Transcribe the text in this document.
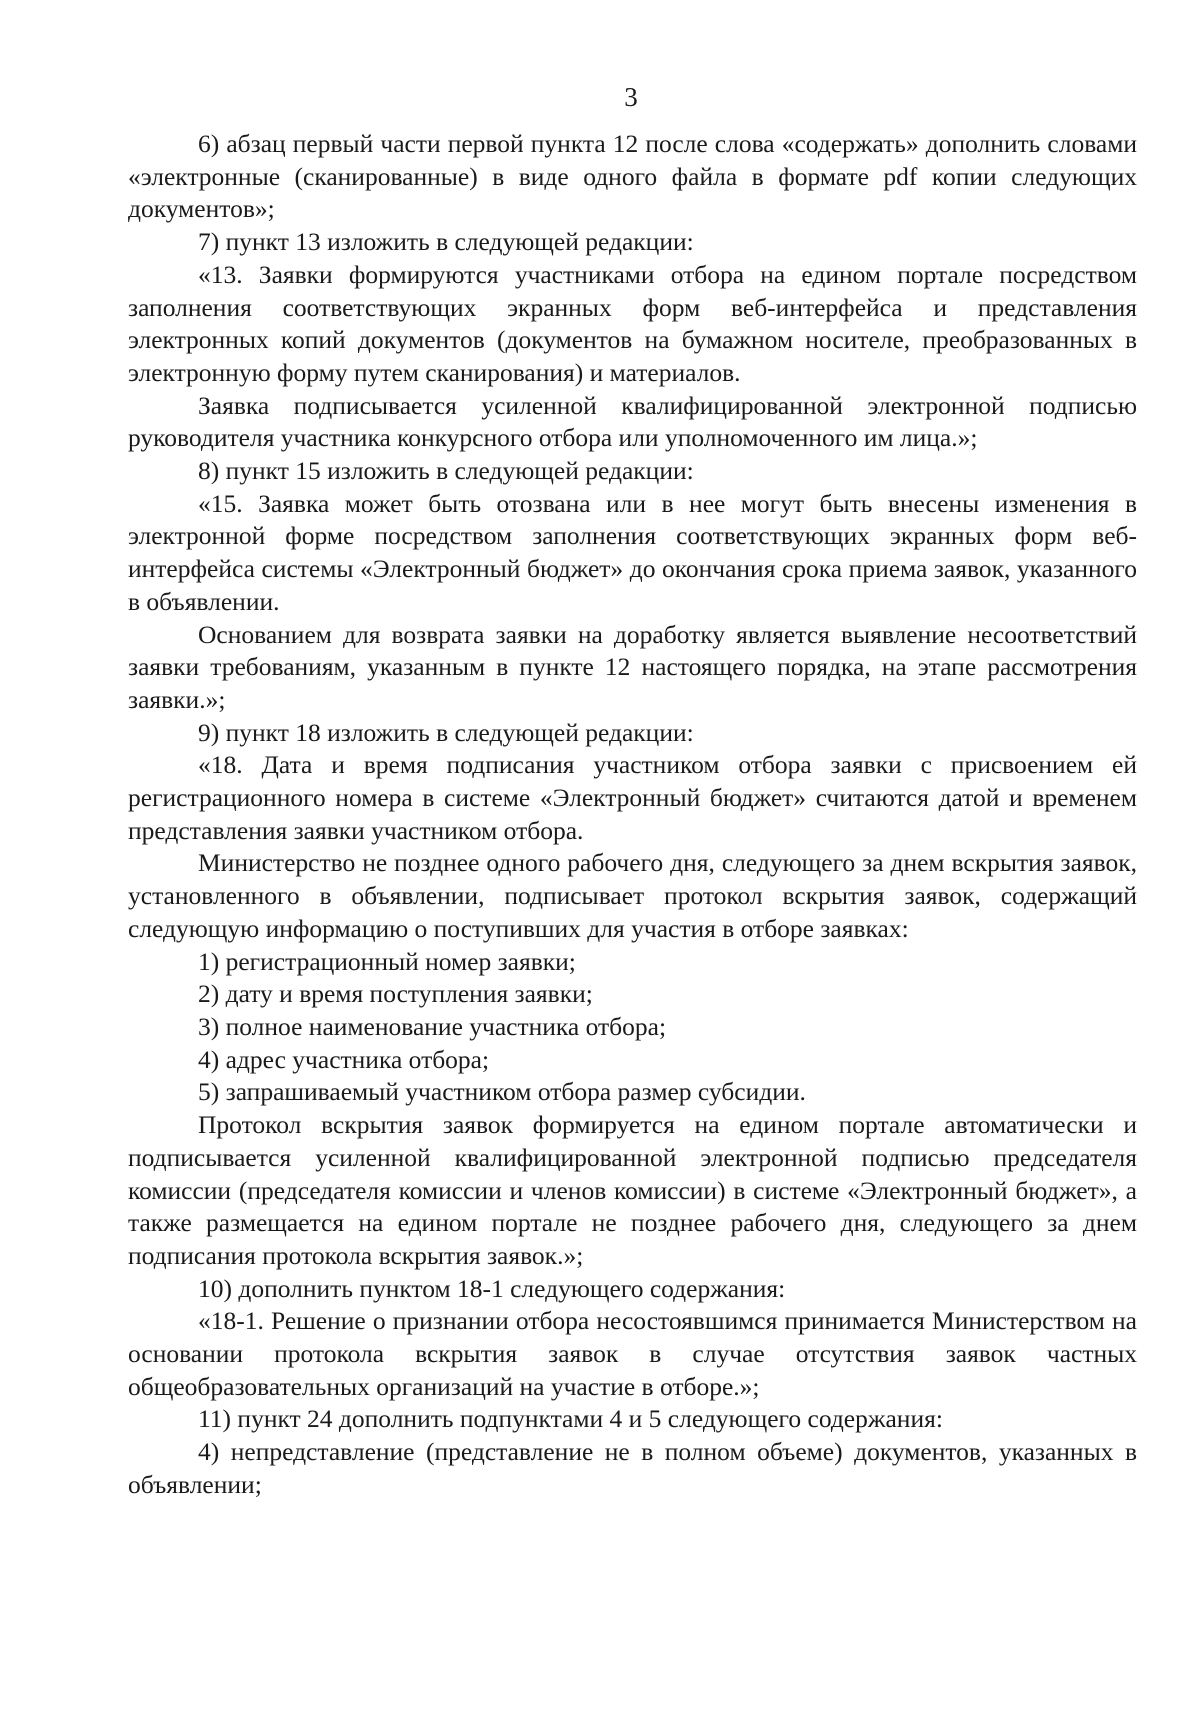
3

6) абзац первый части первой пункта 12 после слова «содержать» дополнить словами «электронные (сканированные) в виде одного файла в формате pdf копии следующих документов»;

7) пункт 13 изложить в следующей редакции:

«13. Заявки формируются участниками отбора на едином портале посредством заполнения соответствующих экранных форм веб-интерфейса и представления электронных копий документов (документов на бумажном носителе, преобразованных в электронную форму путем сканирования) и материалов.

Заявка подписывается усиленной квалифицированной электронной подписью руководителя участника конкурсного отбора или уполномоченного им лица.»;

8) пункт 15 изложить в следующей редакции:

«15. Заявка может быть отозвана или в нее могут быть внесены изменения в электронной форме посредством заполнения соответствующих экранных форм веб-интерфейса системы «Электронный бюджет» до окончания срока приема заявок, указанного в объявлении.

Основанием для возврата заявки на доработку является выявление несоответствий заявки требованиям, указанным в пункте 12 настоящего порядка, на этапе рассмотрения заявки.»;

9) пункт 18 изложить в следующей редакции:

«18. Дата и время подписания участником отбора заявки с присвоением ей регистрационного номера в системе «Электронный бюджет» считаются датой и временем представления заявки участником отбора.

Министерство не позднее одного рабочего дня, следующего за днем вскрытия заявок, установленного в объявлении, подписывает протокол вскрытия заявок, содержащий следующую информацию о поступивших для участия в отборе заявках:

1) регистрационный номер заявки;

2) дату и время поступления заявки;

3) полное наименование участника отбора;

4) адрес участника отбора;

5) запрашиваемый участником отбора размер субсидии.

Протокол вскрытия заявок формируется на едином портале автоматически и подписывается усиленной квалифицированной электронной подписью председателя комиссии (председателя комиссии и членов комиссии) в системе «Электронный бюджет», а также размещается на едином портале не позднее рабочего дня, следующего за днем подписания протокола вскрытия заявок.»;

10) дополнить пунктом 18-1 следующего содержания:

«18-1. Решение о признании отбора несостоявшимся принимается Министерством на основании протокола вскрытия заявок в случае отсутствия заявок частных общеобразовательных организаций на участие в отборе.»;

11) пункт 24 дополнить подпунктами 4 и 5 следующего содержания:

4) непредставление (представление не в полном объеме) документов, указанных в объявлении;
